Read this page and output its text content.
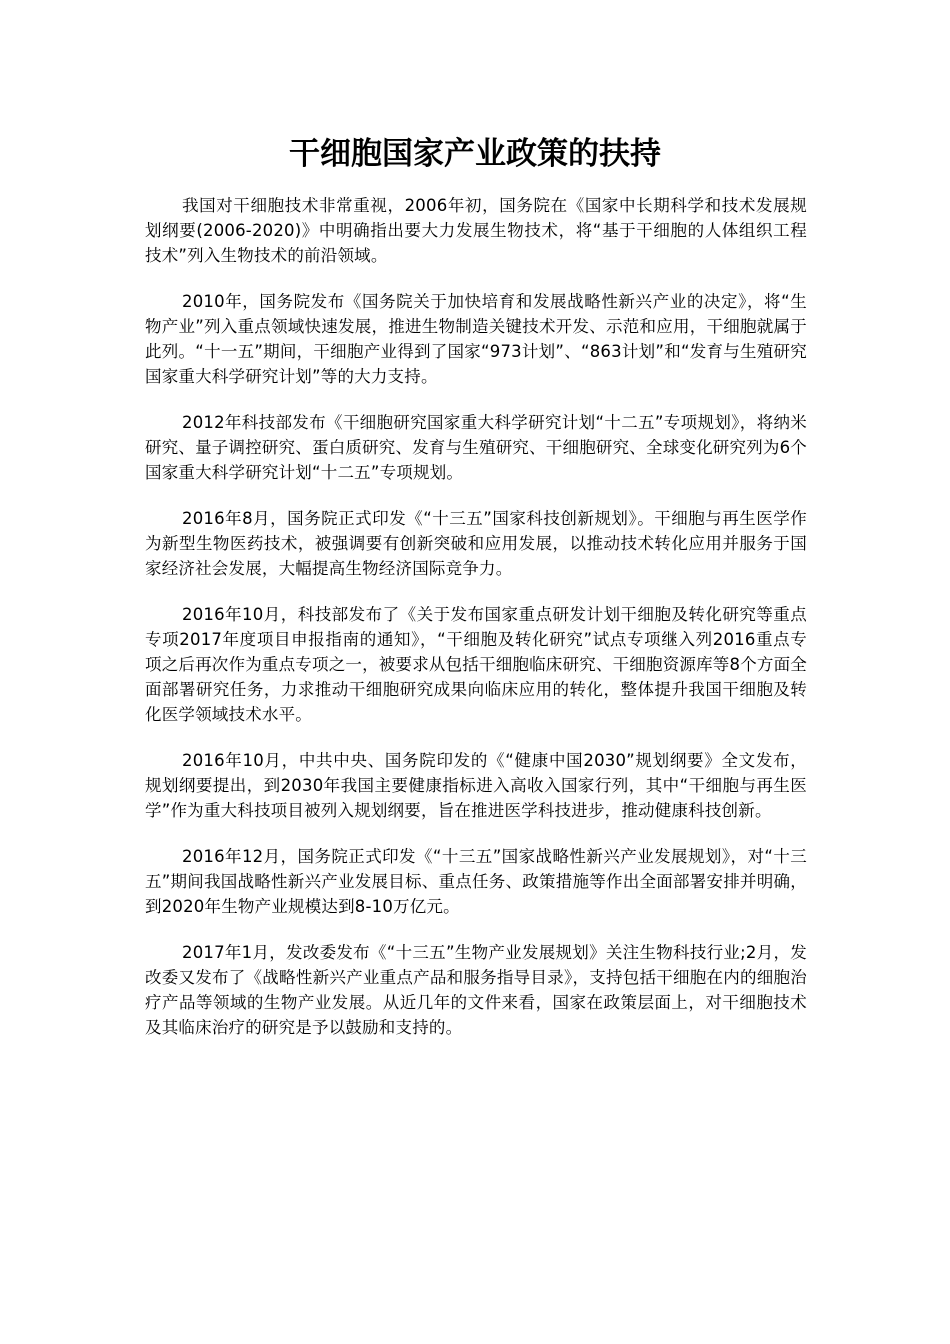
干细胞国家产业政策的扶持

我国对干细胞技术非常重视，2006年初，国务院在《国家中长期科学和技术发展规划纲要(2006-2020)》中明确指出要大力发展生物技术，将“基于干细胞的人体组织工程技术”列入生物技术的前沿领域。

2010年，国务院发布《国务院关于加快培育和发展战略性新兴产业的决定》，将“生物产业”列入重点领域快速发展，推进生物制造关键技术开发、示范和应用，干细胞就属于此列。“十一五”期间，干细胞产业得到了国家“973计划”、“863计划”和“发育与生殖研究国家重大科学研究计划”等的大力支持。

2012年科技部发布《干细胞研究国家重大科学研究计划“十二五”专项规划》，将纳米研究、量子调控研究、蛋白质研究、发育与生殖研究、干细胞研究、全球变化研究列为6个国家重大科学研究计划“十二五”专项规划。

2016年8月，国务院正式印发《“十三五”国家科技创新规划》。干细胞与再生医学作为新型生物医药技术，被强调要有创新突破和应用发展，以推动技术转化应用并服务于国家经济社会发展，大幅提高生物经济国际竞争力。

2016年10月，科技部发布了《关于发布国家重点研发计划干细胞及转化研究等重点专项2017年度项目申报指南的通知》，“干细胞及转化研究”试点专项继入列2016重点专项之后再次作为重点专项之一，被要求从包括干细胞临床研究、干细胞资源库等8个方面全面部署研究任务，力求推动干细胞研究成果向临床应用的转化，整体提升我国干细胞及转化医学领域技术水平。

2016年10月，中共中央、国务院印发的《“健康中国2030”规划纲要》全文发布，规划纲要提出，到2030年我国主要健康指标进入高收入国家行列，其中“干细胞与再生医学”作为重大科技项目被列入规划纲要，旨在推进医学科技进步，推动健康科技创新。

2016年12月，国务院正式印发《“十三五”国家战略性新兴产业发展规划》，对“十三五”期间我国战略性新兴产业发展目标、重点任务、政策措施等作出全面部署安排并明确，到2020年生物产业规模达到8-10万亿元。

2017年1月，发改委发布《“十三五”生物产业发展规划》关注生物科技行业;2月，发改委又发布了《战略性新兴产业重点产品和服务指导目录》，支持包括干细胞在内的细胞治疗产品等领域的生物产业发展。从近几年的文件来看，国家在政策层面上，对干细胞技术及其临床治疗的研究是予以鼓励和支持的。
